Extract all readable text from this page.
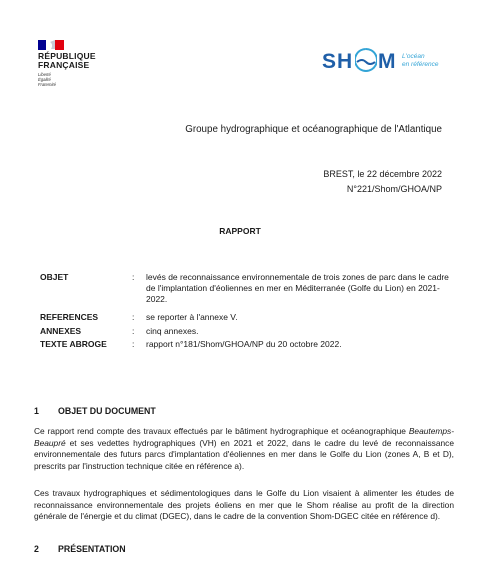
RÉPUBLIQUE
FRANÇAISE
Liberté
Égalité
Fraternité
SH M L'océan
en référence
Groupe hydrographique et océanographique de l'Atlantique
BREST, le 22 décembre 2022
N°221/Shom/GHOA/NP
RAPPORT
OBJET	:	levés de reconnaissance environnementale de trois zones de parc dans le cadre de l'implantation d'éoliennes en mer en Méditerranée (Golfe du Lion) en 2021-2022.
REFERENCES	:	se reporter à l'annexe V.
ANNEXES	:	cinq annexes.
TEXTE ABROGE	:	rapport n°181/Shom/GHOA/NP du 20 octobre 2022.
1 OBJET DU DOCUMENT
Ce rapport rend compte des travaux effectués par le bâtiment hydrographique et océanographique Beautemps-Beaupré et ses vedettes hydrographiques (VH) en 2021 et 2022, dans le cadre du levé de reconnaissance environnementale des futurs parcs d'implantation d'éoliennes en mer dans le Golfe du Lion (zones A, B et D), prescrits par l'instruction technique citée en référence a).
Ces travaux hydrographiques et sédimentologiques dans le Golfe du Lion visaient à alimenter les études de reconnaissance environnementale des projets éoliens en mer que le Shom réalise au profit de la direction générale de l'énergie et du climat (DGEC), dans le cadre de la convention Shom-DGEC citée en référence d).
2 PRÉSENTATION
